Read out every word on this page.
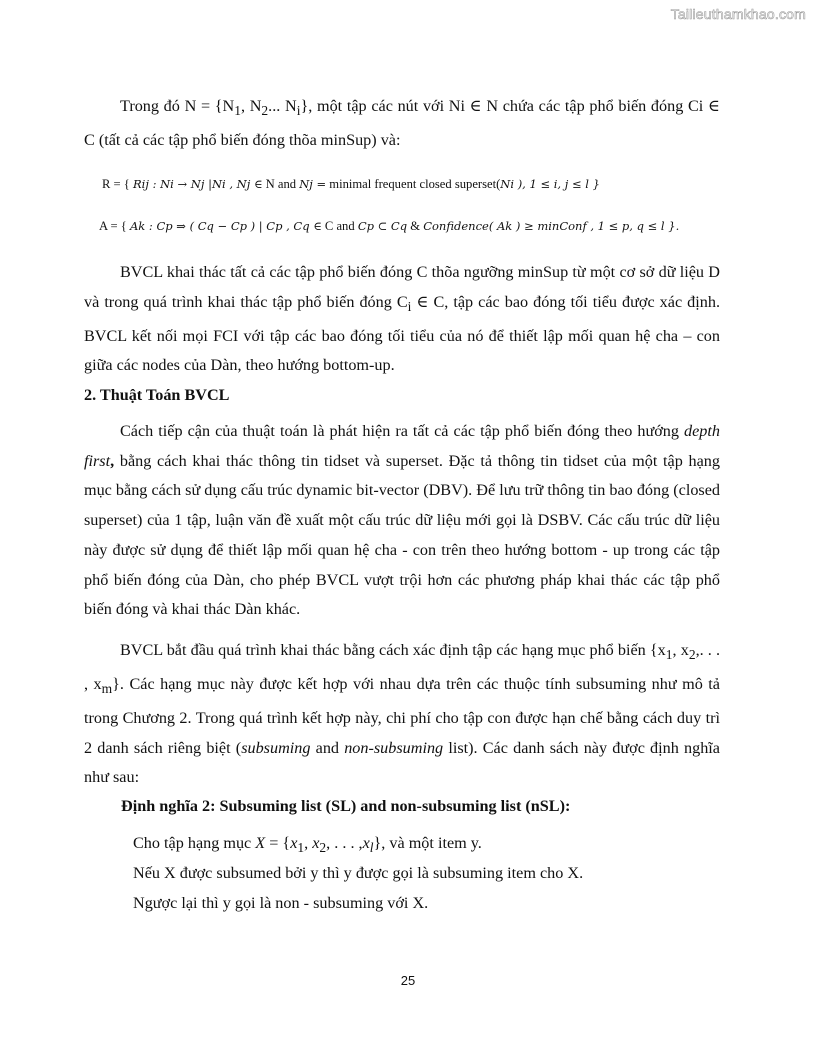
Tailieuthamkhao.com

Trong đó $N = \{N_1$, $N_2$... $N_i$}, một tập các nút với Ni ∈ N chứa các tập phổ biến đóng Ci ∈ C (tất cả các tập phổ biến đóng thõa minSup) và:

R = { Rij : Ni → Nj |Ni , Nj ∈ N and Nj = minimal frequent closed superset(Ni ), 1 ≤ i, j ≤ l }
A = { Ak : Cp ⇒ ( Cq − Cp ) | Cp , Cq ∈ C and Cp ⊂ Cq & Confidence( Ak ) ≥ minConf , 1 ≤ p, q ≤ l }.

BVCL khai thác tất cả các tập phổ biến đóng C thõa ngưỡng minSup từ một cơ sở dữ liệu D và trong quá trình khai thác tập phổ biến đóng $C_i$ ∈ C, tập các bao đóng tối tiểu được xác định. BVCL kết nối mọi FCI với tập các bao đóng tối tiểu của nó để thiết lập mối quan hệ cha – con giữa các nodes của Dàn, theo hướng bottom-up.

2. Thuật Toán BVCL

Cách tiếp cận của thuật toán là phát hiện ra tất cả các tập phổ biến đóng theo hướng depth first, bằng cách khai thác thông tin tidset và superset. Đặc tả thông tin tidset của một tập hạng mục bằng cách sử dụng cấu trúc dynamic bit-vector (DBV). Để lưu trữ thông tin bao đóng (closed superset) của 1 tập, luận văn đề xuất một cấu trúc dữ liệu mới gọi là DSBV. Các cấu trúc dữ liệu này được sử dụng để thiết lập mối quan hệ cha - con trên theo hướng bottom - up trong các tập phổ biến đóng của Dàn, cho phép BVCL vượt trội hơn các phương pháp khai thác các tập phổ biến đóng và khai thác Dàn khác.

BVCL bắt đầu quá trình khai thác bằng cách xác định tập các hạng mục phổ biến {$x_1$, $x_2$,. . . , $x_m$}. Các hạng mục này được kết hợp với nhau dựa trên các thuộc tính subsuming như mô tả trong Chương 2. Trong quá trình kết hợp này, chi phí cho tập con được hạn chế bằng cách duy trì 2 danh sách riêng biệt (subsuming and non-subsuming list). Các danh sách này được định nghĩa như sau:

Định nghĩa 2: Subsuming list (SL) and non-subsuming list (nSL):
Cho tập hạng mục $X = \{x_1$, $x_2$, . . . $,x_l$}, và một item y.
Nếu X được subsumed bởi y thì y được gọi là subsuming item cho X.
Ngược lại thì y gọi là non - subsuming với X.
25
